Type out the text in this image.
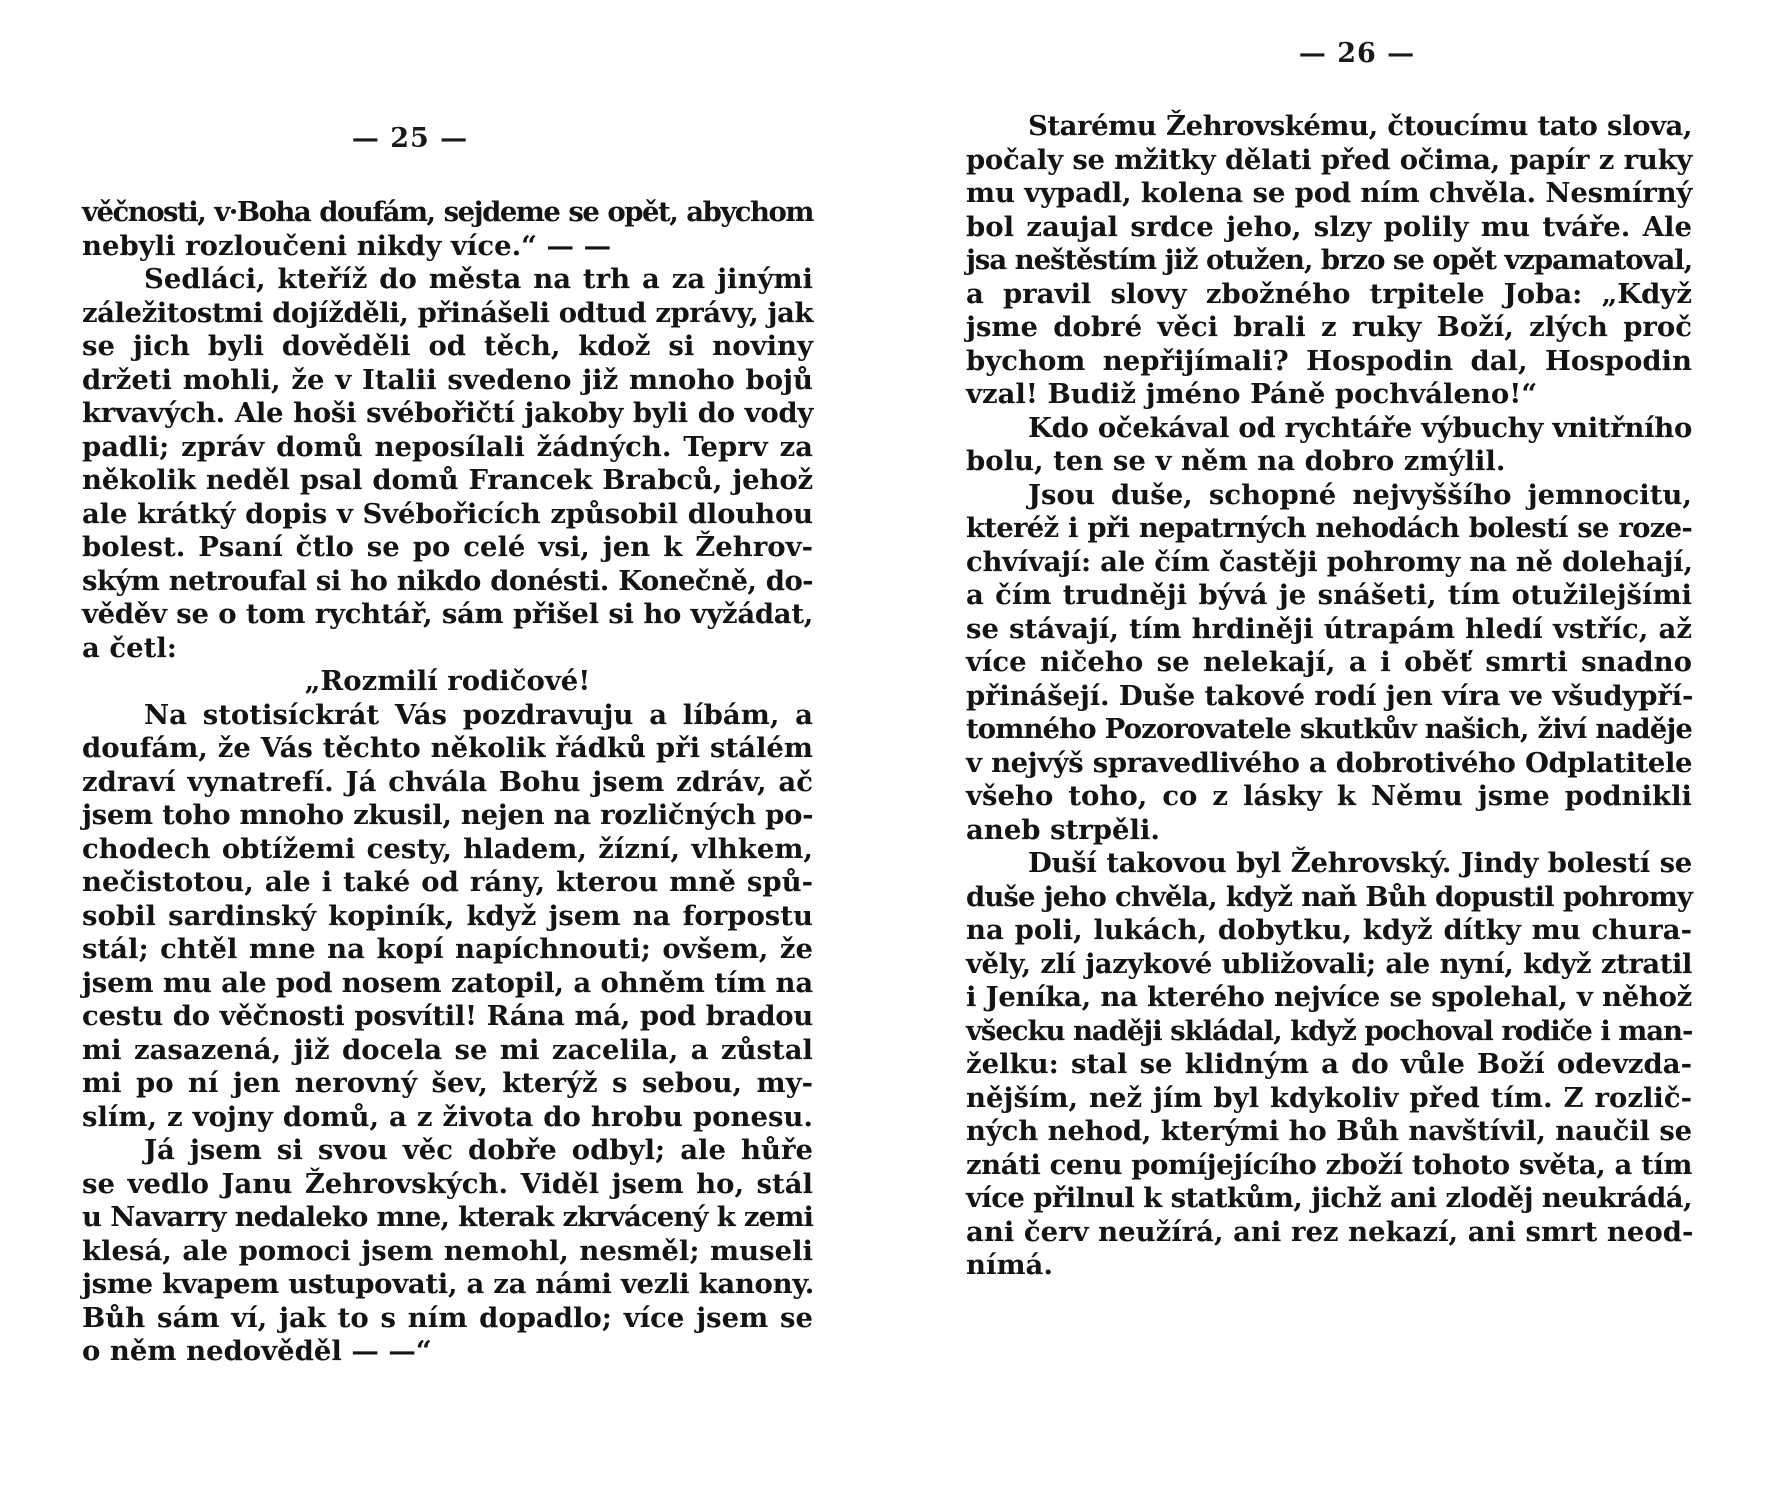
— 25 —
věčnosti, v·Boha doufám, sejdeme se opět, abychom
nebyli rozloučeni nikdy více.“ — —
Sedláci, kteříž do města na trh a za jinými
záležitostmi dojížděli, přinášeli odtud zprávy, jak
se jich byli dověděli od těch, kdož si noviny
držeti mohli, že v Italii svedeno již mnoho bojů
krvavých. Ale hoši svébořičtí jakoby byli do vody
padli; zpráv domů neposílali žádných. Teprv za
několik neděl psal domů Francek Brabců, jehož
ale krátký dopis v Svébořicích způsobil dlouhou
bolest. Psaní čtlo se po celé vsi, jen k Žehrov-
ským netroufal si ho nikdo donésti. Konečně, do-
věděv se o tom rychtář, sám přišel si ho vyžádat,
a četl:
„Rozmilí rodičové!
Na stotisíckrát Vás pozdravuju a líbám, a
doufám, že Vás těchto několik řádků při stálém
zdraví vynatrefí. Já chvála Bohu jsem zdráv, ač
jsem toho mnoho zkusil, nejen na rozličných po-
chodech obtížemi cesty, hladem, žízní, vlhkem,
nečistotou, ale i také od rány, kterou mně spů-
sobil sardinský kopiník, když jsem na forpostu
stál; chtěl mne na kopí napíchnouti; ovšem, že
jsem mu ale pod nosem zatopil, a ohněm tím na
cestu do věčnosti posvítil! Rána má, pod bradou
mi zasazená, již docela se mi zacelila, a zůstal
mi po ní jen nerovný šev, kterýž s sebou, my-
slím, z vojny domů, a z života do hrobu ponesu.
Já jsem si svou věc dobře odbyl; ale hůře
se vedlo Janu Žehrovských. Viděl jsem ho, stál
u Navarry nedaleko mne, kterak zkrvácený k zemi
klesá, ale pomoci jsem nemohl, nesměl; museli
jsme kvapem ustupovati, a za námi vezli kanony.
Bůh sám ví, jak to s ním dopadlo; více jsem se
o něm nedověděl — —“
— 26 —
Starému Žehrovskému, čtoucímu tato slova,
počaly se mžitky dělati před očima, papír z ruky
mu vypadl, kolena se pod ním chvěla. Nesmírný
bol zaujal srdce jeho, slzy polily mu tváře. Ale
jsa neštěstím již otužen, brzo se opět vzpamatoval,
a pravil slovy zbožného trpitele Joba: „Když
jsme dobré věci brali z ruky Boží, zlých proč
bychom nepřijímali? Hospodin dal, Hospodin
vzal! Budiž jméno Páně pochváleno!“
Kdo očekával od rychtáře výbuchy vnitřního
bolu, ten se v něm na dobro zmýlil.
Jsou duše, schopné nejvyššího jemnocitu,
kteréž i při nepatrných nehodách bolestí se roze-
chvívají: ale čím častěji pohromy na ně dolehají,
a čím trudněji bývá je snášeti, tím otužilejšími
se stávají, tím hrdiněji útrapám hledí vstříc, až
více ničeho se nelekají, a i oběť smrti snadno
přinášejí. Duše takové rodí jen víra ve všudypří-
tomného Pozorovatele skutkův našich, živí naděje
v nejvýš spravedlivého a dobrotivého Odplatitele
všeho toho, co z lásky k Němu jsme podnikli
aneb strpěli.
Duší takovou byl Žehrovský. Jindy bolestí se
duše jeho chvěla, když naň Bůh dopustil pohromy
na poli, lukách, dobytku, když dítky mu chura-
věly, zlí jazykové ubližovali; ale nyní, když ztratil
i Jeníka, na kterého nejvíce se spolehal, v něhož
všecku naději skládal, když pochoval rodiče i man-
želku: stal se klidným a do vůle Boží odevzda-
nějším, než jím byl kdykoliv před tím. Z rozlič-
ných nehod, kterými ho Bůh navštívil, naučil se
znáti cenu pomíjejícího zboží tohoto světa, a tím
více přilnul k statkům, jichž ani zloděj neukrádá,
ani červ neužírá, ani rez nekazí, ani smrt neod-
nímá.
